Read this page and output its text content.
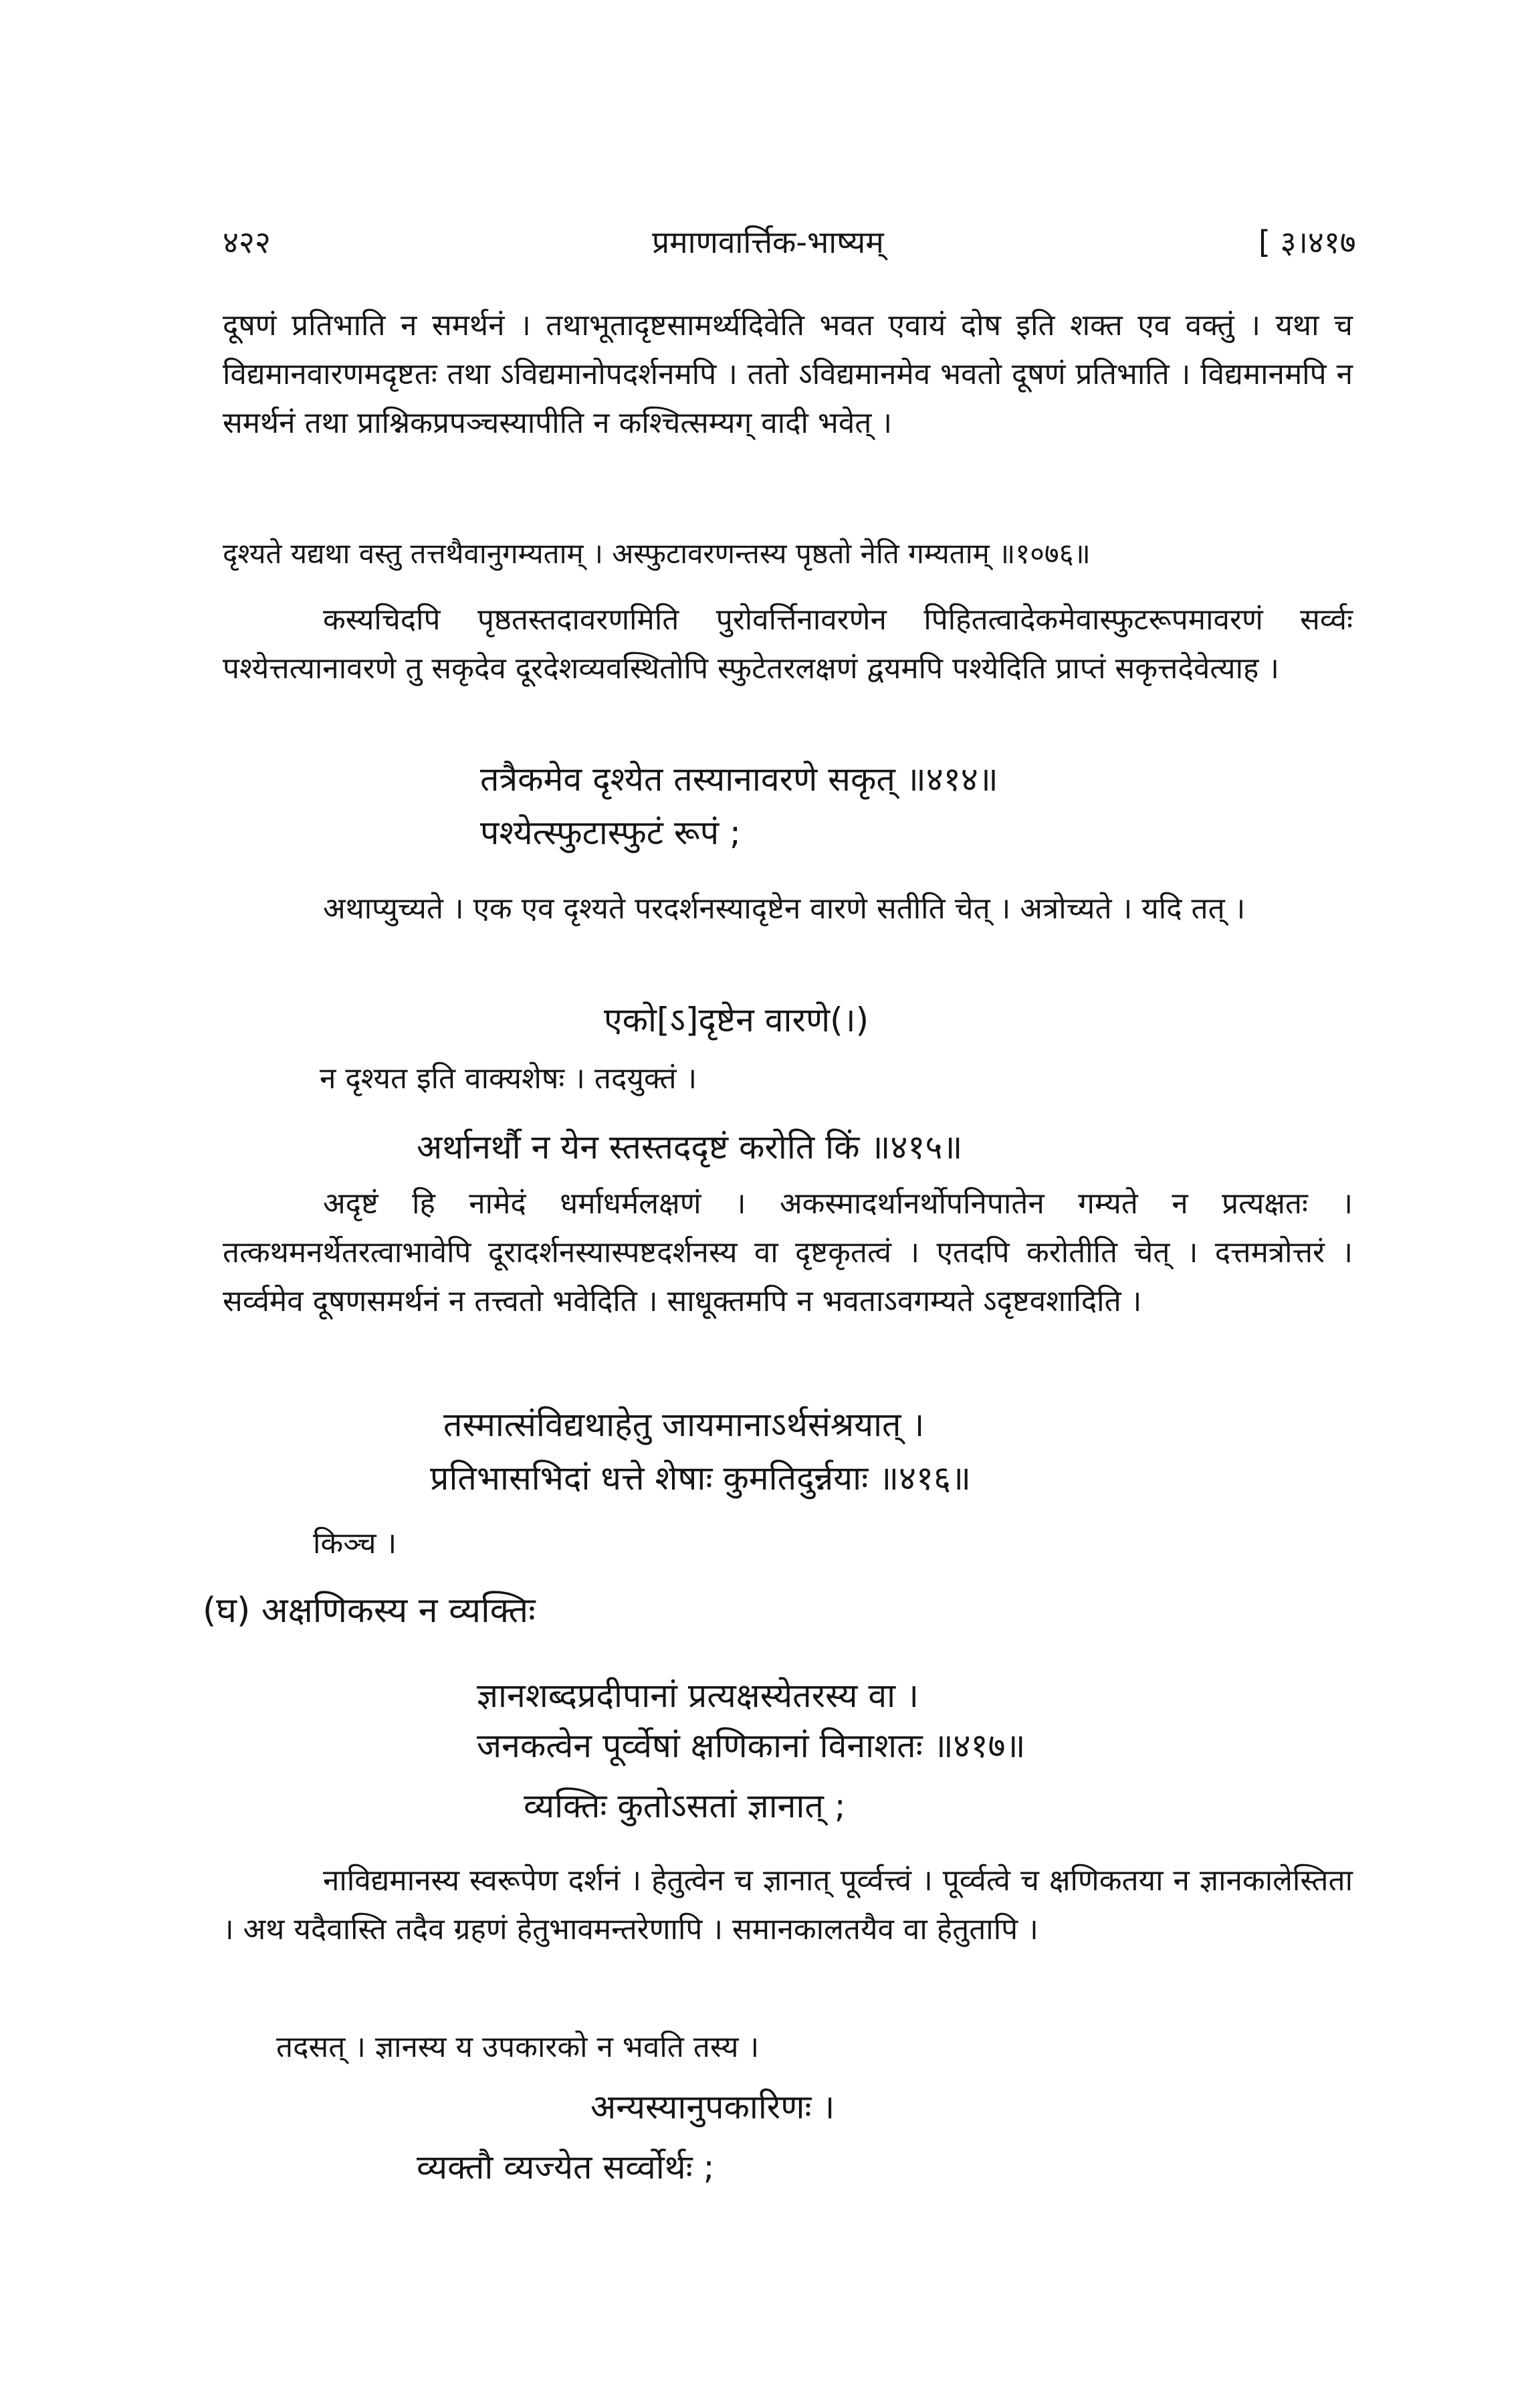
४२२	प्रमाणवार्त्तिक-भाष्यम्	[ ३।४१७
दूषणं प्रतिभाति न समर्थनं । तथाभूतादृष्टसामर्थ्यदिवेति भवत एवायं दोष इति शक्त एव वक्तुं । यथा च विद्यमानवारणमदृष्टतः तथा ऽविद्यमानोपदर्शनमपि । ततो ऽविद्यमानमेव भवतो दूषणं प्रतिभाति । विद्यमानमपि न समर्थनं तथा प्राश्निकप्रपञ्चस्यापीति न कश्चित्सम्यग् वादी भवेत् ।
दृश्यते यद्यथा वस्तु तत्तथैवानुगम्यताम् । अस्फुटावरणन्तस्य पृष्ठतो नेति गम्यताम् ॥१०७६॥
कस्यचिदपि पृष्ठतस्तदावरणमिति पुरोवर्त्तिनावरणेन पिहितत्वादेकमेवास्फुटरूपमावरणं सर्व्वः पश्येत्तत्यानावरणे तु सकृदेव दूरदेशव्यवस्थितोपि स्फुटेतरलक्षणं द्वयमपि पश्येदिति प्राप्तं सकृत्तदेवेत्याह ।
तत्रैकमेव दृश्येत तस्यानावरणे सकृत् ॥४१४॥
पश्येत्स्फुटास्फुटं रूपं ;
अथाप्युच्यते । एक एव दृश्यते परदर्शनस्यादृष्टेन वारणे सतीति चेत् । अत्रोच्यते । यदि तत् ।
एको[ऽ]दृष्टेन वारणे(।)
न दृश्यत इति वाक्यशेषः । तदयुक्तं ।
अर्थानर्थौ न येन स्तस्तददृष्टं करोति किं ॥४१५॥
अदृष्टं हि नामेदं धर्माधर्मलक्षणं । अकस्मादर्थानर्थोपनिपातेन गम्यते न प्रत्यक्षतः । तत्कथमनर्थेतरत्वाभावेपि दूरादर्शनस्यास्पष्टदर्शनस्य वा दृष्टकृतत्वं । एतदपि करोतीति चेत् । दत्तमत्रोत्तरं । सर्व्वमेव दूषणसमर्थनं न तत्त्वतो भवेदिति । साधूक्तमपि न भवताऽवगम्यते ऽदृष्टवशादिति ।
तस्मात्संविद्यथाहेतु जायमानाऽर्थसंश्रयात् ।
प्रतिभासभिदां धत्ते शेषाः कुमतिदुर्न्नयाः ॥४१६॥
किञ्च ।
(घ) अक्षणिकस्य न व्यक्तिः
ज्ञानशब्दप्रदीपानां प्रत्यक्षस्येतरस्य वा ।
जनकत्वेन पूर्व्वेषां क्षणिकानां विनाशतः ॥४१७॥
व्यक्तिः कुतोऽसतां ज्ञानात् ;
नाविद्यमानस्य स्वरूपेण दर्शनं । हेतुत्वेन च ज्ञानात् पूर्व्वत्त्वं । पूर्व्वत्वे च क्षणिकतया न ज्ञानकालेस्तिता । अथ यदैवास्ति तदैव ग्रहणं हेतुभावमन्तरेणापि । समानकालतयैव वा हेतुतापि ।
तदसत् । ज्ञानस्य य उपकारको न भवति तस्य ।
अन्यस्यानुपकारिणः ।
व्यक्तौ व्यज्येत सर्व्वोर्थः ;
